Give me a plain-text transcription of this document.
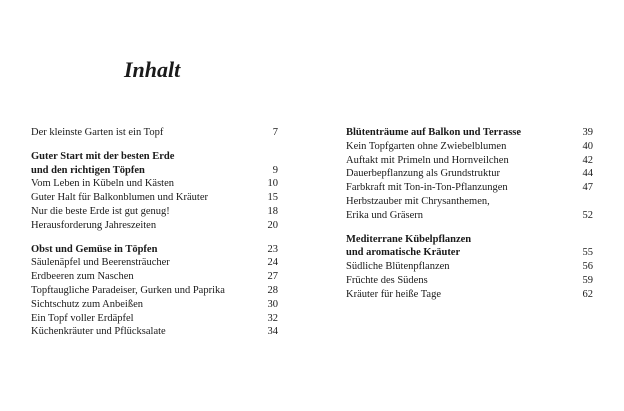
Inhalt
Der kleinste Garten ist ein Topf	7
Guter Start mit der besten Erde
und den richtigen Töpfen	9
Vom Leben in Kübeln und Kästen	10
Guter Halt für Balkonblumen und Kräuter	15
Nur die beste Erde ist gut genug!	18
Herausforderung Jahreszeiten	20
Obst und Gemüse in Töpfen	23
Säulenäpfel und Beerensträucher	24
Erdbeeren zum Naschen	27
Topftaugliche Paradeiser, Gurken und Paprika	28
Sichtschutz zum Anbeißen	30
Ein Topf voller Erdäpfel	32
Küchenkräuter und Pflücksalate	34
Blütenträume auf Balkon und Terrasse	39
Kein Topfgarten ohne Zwiebelblumen	40
Auftakt mit Primeln und Hornveilchen	42
Dauerbepflanzung als Grundstruktur	44
Farbkraft mit Ton-in-Ton-Pflanzungen	47
Herbstzauber mit Chrysanthemen,
Erika und Gräsern	52
Mediterrane Kübelpflanzen
und aromatische Kräuter	55
Südliche Blütenpflanzen	56
Früchte des Südens	59
Kräuter für heiße Tage	62
